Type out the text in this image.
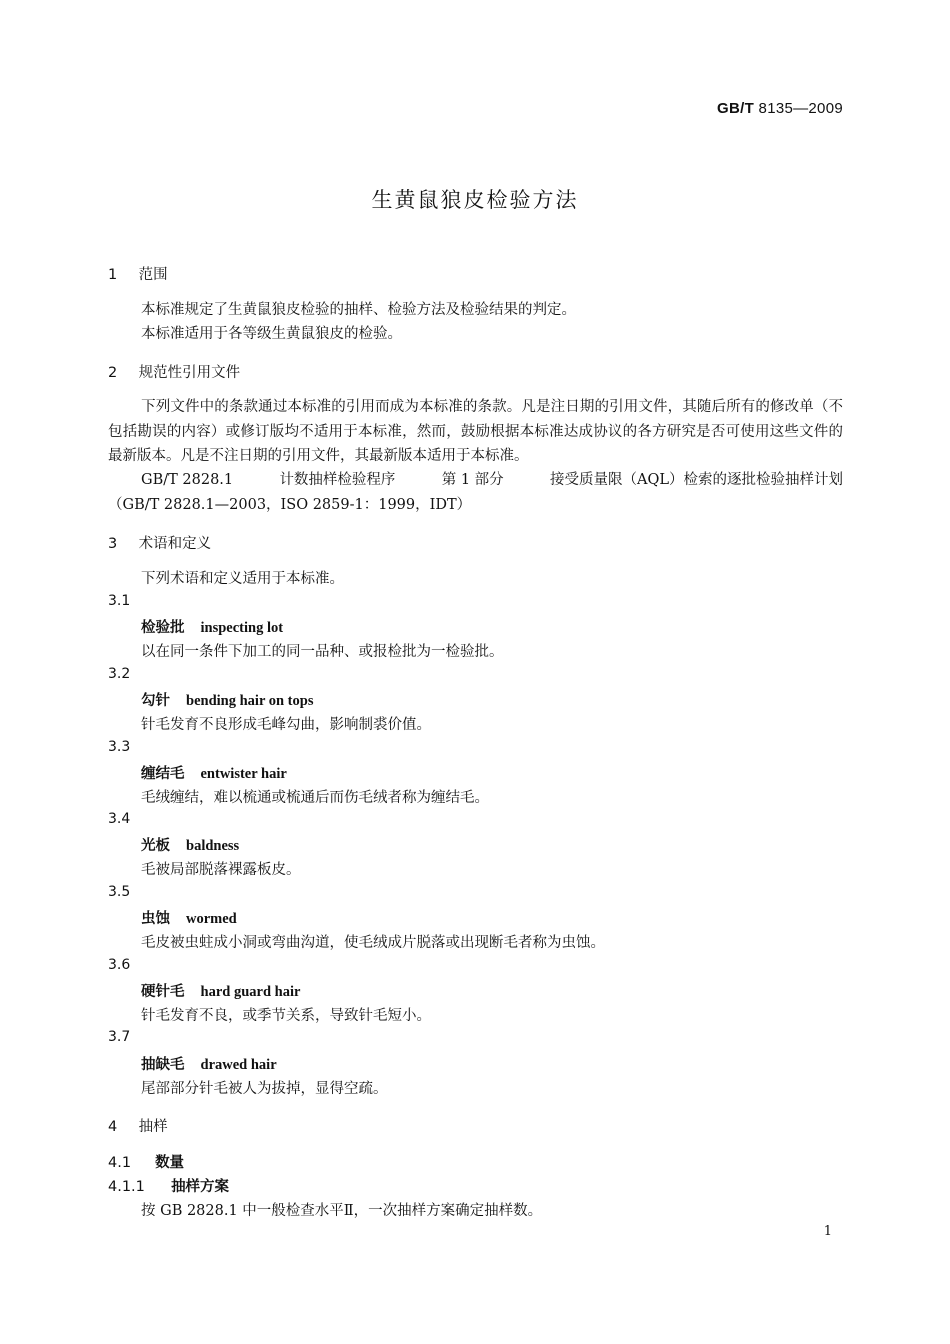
GB/T 8135—2009
生黄鼠狼皮检验方法
1 范围
本标准规定了生黄鼠狼皮检验的抽样、检验方法及检验结果的判定。
本标准适用于各等级生黄鼠狼皮的检验。
2 规范性引用文件
下列文件中的条款通过本标准的引用而成为本标准的条款。凡是注日期的引用文件，其随后所有的修改单（不包括勘误的内容）或修订版均不适用于本标准，然而，鼓励根据本标准达成协议的各方研究是否可使用这些文件的最新版本。凡是不注日期的引用文件，其最新版本适用于本标准。
GB/T 2828.1	计数抽样检验程序	第 1 部分	接受质量限（AQL）检索的逐批检验抽样计划
（GB/T 2828.1—2003，ISO 2859-1：1999，IDT）
3 术语和定义
下列术语和定义适用于本标准。
3.1
检验批 inspecting lot
以在同一条件下加工的同一品种、或报检批为一检验批。
3.2
勾针 bending hair on tops
针毛发育不良形成毛峰勾曲，影响制裘价值。
3.3
缠结毛 entwister hair
毛绒缠结，难以梳通或梳通后而伤毛绒者称为缠结毛。
3.4
光板 baldness
毛被局部脱落裸露板皮。
3.5
虫蚀 wormed
毛皮被虫蛀成小洞或弯曲沟道，使毛绒成片脱落或出现断毛者称为虫蚀。
3.6
硬针毛 hard guard hair
针毛发育不良，或季节关系，导致针毛短小。
3.7
抽缺毛 drawed hair
尾部部分针毛被人为拔掉，显得空疏。
4 抽样
4.1 数量
4.1.1 抽样方案
按 GB 2828.1 中一般检查水平Ⅱ，一次抽样方案确定抽样数。
1
